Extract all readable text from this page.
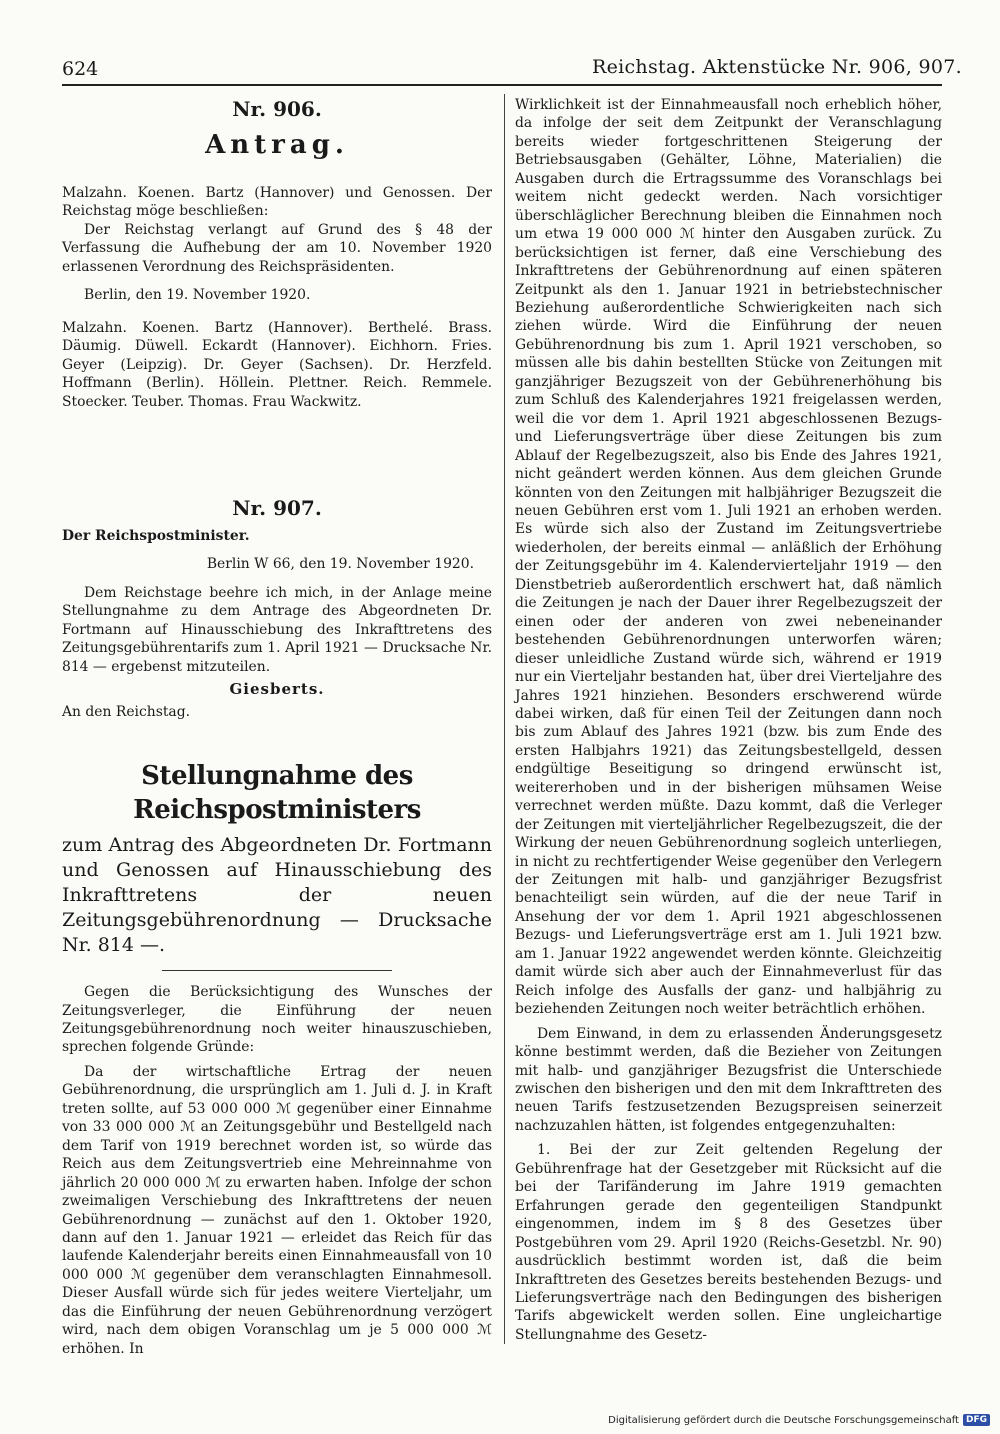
624	Reichstag. Aktenstücke Nr. 906, 907.

Nr. 906.

Antrag.

Malzahn. Koenen. Bartz (Hannover) und Genossen. Der Reichstag möge beschließen:

Der Reichstag verlangt auf Grund des § 48 der Verfassung die Aufhebung der am 10. November 1920 erlassenen Verordnung des Reichspräsidenten.

Berlin, den 19. November 1920.

Malzahn. Koenen. Bartz (Hannover). Berthelé. Brass. Däumig. Düwell. Eckardt (Hannover). Eichhorn. Fries. Geyer (Leipzig). Dr. Geyer (Sachsen). Dr. Herzfeld. Hoffmann (Berlin). Höllein. Plettner. Reich. Remmele. Stoecker. Teuber. Thomas. Frau Wackwitz.

Nr. 907.

Der Reichspostminister.

Berlin W 66, den 19. November 1920.

Dem Reichstage beehre ich mich, in der Anlage meine Stellungnahme zu dem Antrage des Abgeordneten Dr. Fortmann auf Hinausschiebung des Inkrafttretens des Zeitungsgebührentarifs zum 1. April 1921 — Drucksache Nr. 814 — ergebenst mitzuteilen.

Giesberts.

An den Reichstag.

Stellungnahme des Reichspostministers

zum Antrag des Abgeordneten Dr. Fortmann und Genossen auf Hinausschiebung des Inkrafttretens der neuen Zeitungsgebührenordnung — Drucksache Nr. 814 —.

Gegen die Berücksichtigung des Wunsches der Zeitungsverleger, die Einführung der neuen Zeitungsgebührenordnung noch weiter hinauszuschieben, sprechen folgende Gründe:

Da der wirtschaftliche Ertrag der neuen Gebührenordnung, die ursprünglich am 1. Juli d. J. in Kraft treten sollte, auf 53 000 000 ℳ gegenüber einer Einnahme von 33 000 000 ℳ an Zeitungsgebühr und Bestellgeld nach dem Tarif von 1919 berechnet worden ist, so würde das Reich aus dem Zeitungsvertrieb eine Mehreinnahme von jährlich 20 000 000 ℳ zu erwarten haben. Infolge der schon zweimaligen Verschiebung des Inkrafttretens der neuen Gebührenordnung — zunächst auf den 1. Oktober 1920, dann auf den 1. Januar 1921 — erleidet das Reich für das laufende Kalenderjahr bereits einen Einnahmeausfall von 10 000 000 ℳ gegenüber dem veranschlagten Einnahmesoll. Dieser Ausfall würde sich für jedes weitere Vierteljahr, um das die Einführung der neuen Gebührenordnung verzögert wird, nach dem obigen Voranschlag um je 5 000 000 ℳ erhöhen. In

Wirklichkeit ist der Einnahmeausfall noch erheblich höher, da infolge der seit dem Zeitpunkt der Veranschlagung bereits wieder fortgeschrittenen Steigerung der Betriebsausgaben (Gehälter, Löhne, Materialien) die Ausgaben durch die Ertragssumme des Voranschlags bei weitem nicht gedeckt werden. Nach vorsichtiger überschläglicher Berechnung bleiben die Einnahmen noch um etwa 19 000 000 ℳ hinter den Ausgaben zurück. Zu berücksichtigen ist ferner, daß eine Verschiebung des Inkrafttretens der Gebührenordnung auf einen späteren Zeitpunkt als den 1. Januar 1921 in betriebstechnischer Beziehung außerordentliche Schwierigkeiten nach sich ziehen würde. Wird die Einführung der neuen Gebührenordnung bis zum 1. April 1921 verschoben, so müssen alle bis dahin bestellten Stücke von Zeitungen mit ganzjähriger Bezugszeit von der Gebührenerhöhung bis zum Schluß des Kalenderjahres 1921 freigelassen werden, weil die vor dem 1. April 1921 abgeschlossenen Bezugs- und Lieferungsverträge über diese Zeitungen bis zum Ablauf der Regelbezugszeit, also bis Ende des Jahres 1921, nicht geändert werden können. Aus dem gleichen Grunde könnten von den Zeitungen mit halbjähriger Bezugszeit die neuen Gebühren erst vom 1. Juli 1921 an erhoben werden. Es würde sich also der Zustand im Zeitungsvertriebe wiederholen, der bereits einmal — anläßlich der Erhöhung der Zeitungsgebühr im 4. Kalendervierteljahr 1919 — den Dienstbetrieb außerordentlich erschwert hat, daß nämlich die Zeitungen je nach der Dauer ihrer Regelbezugszeit der einen oder der anderen von zwei nebeneinander bestehenden Gebührenordnungen unterworfen wären; dieser unleidliche Zustand würde sich, während er 1919 nur ein Vierteljahr bestanden hat, über drei Vierteljahre des Jahres 1921 hinziehen. Besonders erschwerend würde dabei wirken, daß für einen Teil der Zeitungen dann noch bis zum Ablauf des Jahres 1921 (bzw. bis zum Ende des ersten Halbjahrs 1921) das Zeitungsbestellgeld, dessen endgültige Beseitigung so dringend erwünscht ist, weitererhoben und in der bisherigen mühsamen Weise verrechnet werden müßte. Dazu kommt, daß die Verleger der Zeitungen mit vierteljährlicher Regelbezugszeit, die der Wirkung der neuen Gebührenordnung sogleich unterliegen, in nicht zu rechtfertigender Weise gegenüber den Verlegern der Zeitungen mit halb- und ganzjähriger Bezugsfrist benachteiligt sein würden, auf die der neue Tarif in Ansehung der vor dem 1. April 1921 abgeschlossenen Bezugs- und Lieferungsverträge erst am 1. Juli 1921 bzw. am 1. Januar 1922 angewendet werden könnte. Gleichzeitig damit würde sich aber auch der Einnahmeverlust für das Reich infolge des Ausfalls der ganz- und halbjährig zu beziehenden Zeitungen noch weiter beträchtlich erhöhen.

Dem Einwand, in dem zu erlassenden Änderungsgesetz könne bestimmt werden, daß die Bezieher von Zeitungen mit halb- und ganzjähriger Bezugsfrist die Unterschiede zwischen den bisherigen und den mit dem Inkrafttreten des neuen Tarifs festzusetzenden Bezugspreisen seinerzeit nachzuzahlen hätten, ist folgendes entgegenzuhalten:

1. Bei der zur Zeit geltenden Regelung der Gebührenfrage hat der Gesetzgeber mit Rücksicht auf die bei der Tarifänderung im Jahre 1919 gemachten Erfahrungen gerade den gegenteiligen Standpunkt eingenommen, indem im § 8 des Gesetzes über Postgebühren vom 29. April 1920 (Reichs-Gesetzbl. Nr. 90) ausdrücklich bestimmt worden ist, daß die beim Inkrafttreten des Gesetzes bereits bestehenden Bezugs- und Lieferungsverträge nach den Bedingungen des bisherigen Tarifs abgewickelt werden sollen. Eine ungleichartige Stellungnahme des Gesetz-

Digitalisierung gefördert durch die Deutsche Forschungsgemeinschaft DFG
